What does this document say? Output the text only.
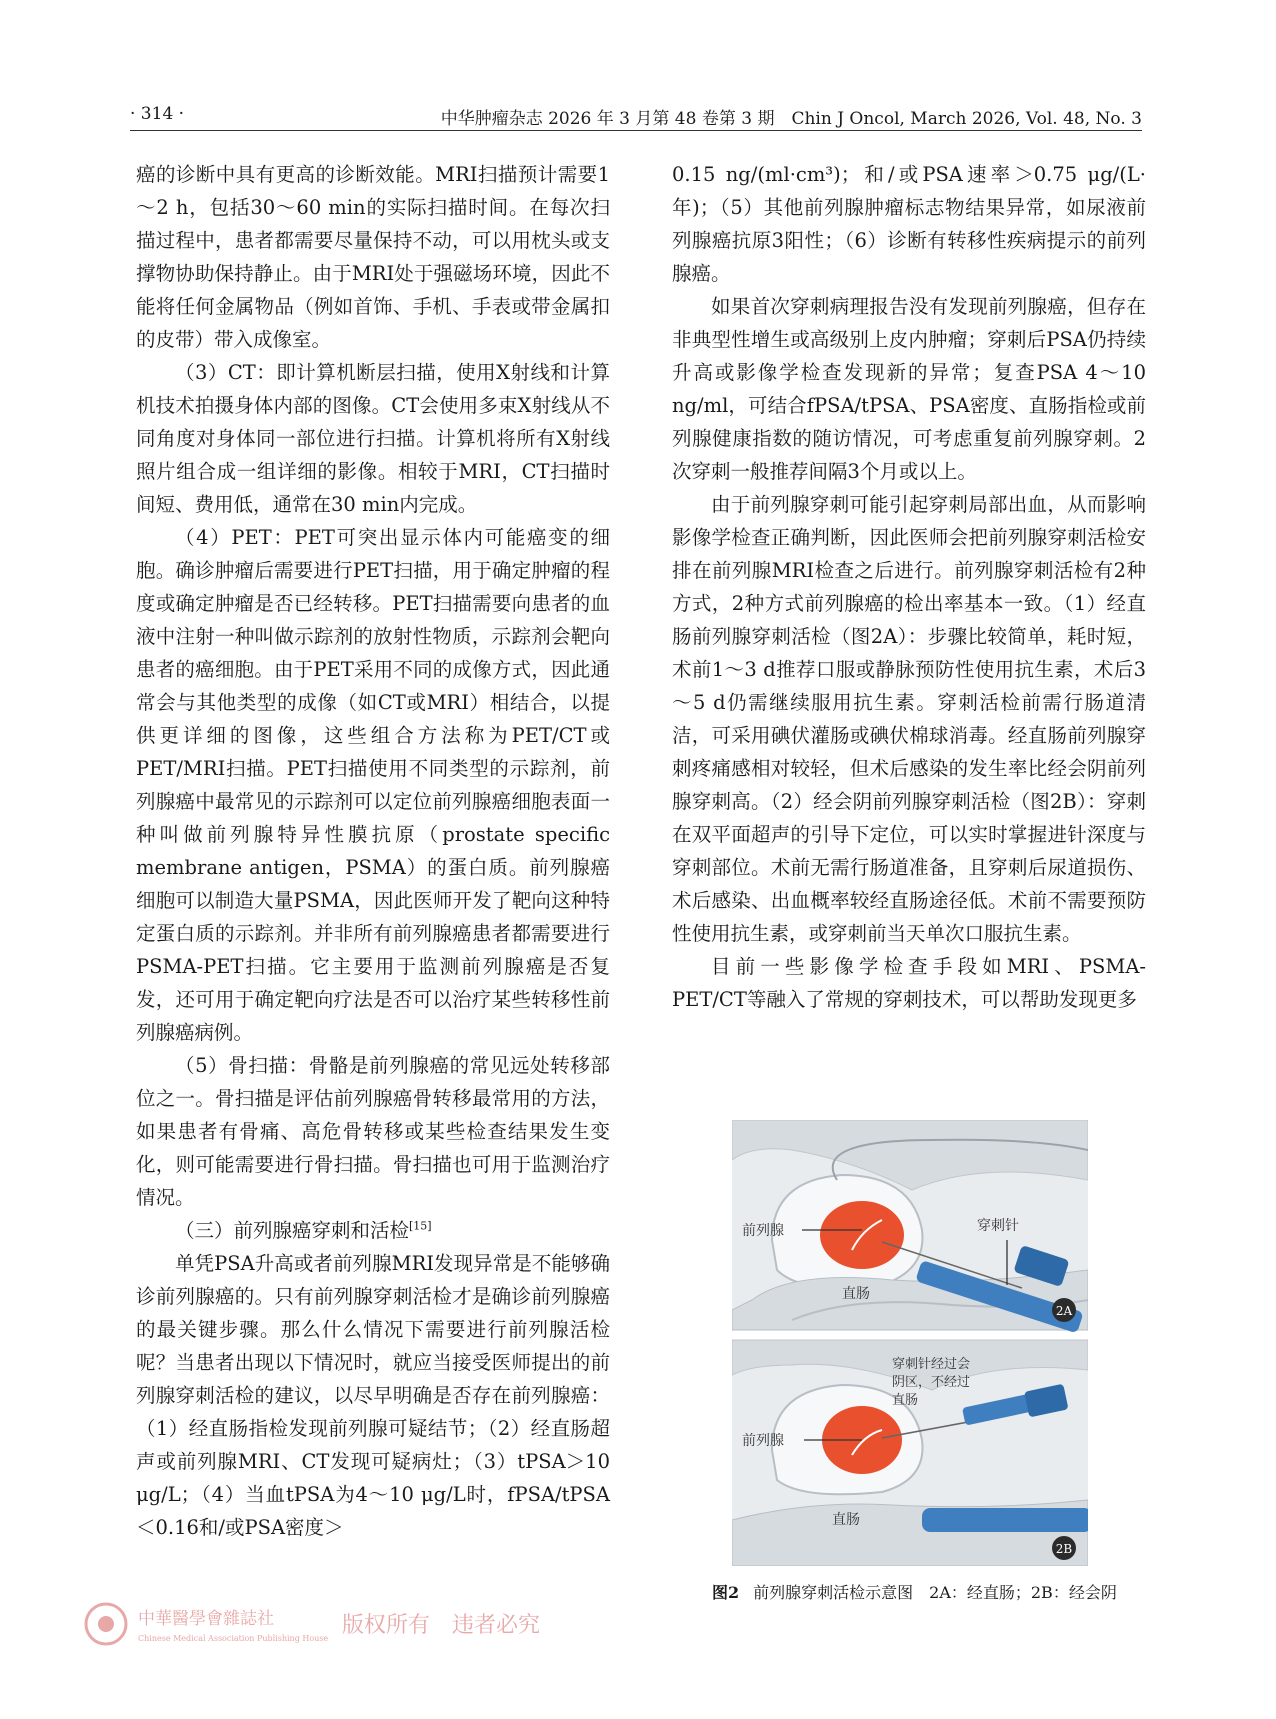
· 314 ·	中华肿瘤杂志 2026 年 3 月第 48 卷第 3 期　Chin J Oncol, March 2026, Vol. 48, No. 3

癌的诊断中具有更高的诊断效能。MRI扫描预计需要1～2 h，包括30～60 min的实际扫描时间。在每次扫描过程中，患者都需要尽量保持不动，可以用枕头或支撑物协助保持静止。由于MRI处于强磁场环境，因此不能将任何金属物品（例如首饰、手机、手表或带金属扣的皮带）带入成像室。

（3）CT：即计算机断层扫描，使用X射线和计算机技术拍摄身体内部的图像。CT会使用多束X射线从不同角度对身体同一部位进行扫描。计算机将所有X射线照片组合成一组详细的影像。相较于MRI，CT扫描时间短、费用低，通常在30 min内完成。

（4）PET：PET可突出显示体内可能癌变的细胞。确诊肿瘤后需要进行PET扫描，用于确定肿瘤的程度或确定肿瘤是否已经转移。PET扫描需要向患者的血液中注射一种叫做示踪剂的放射性物质，示踪剂会靶向患者的癌细胞。由于PET采用不同的成像方式，因此通常会与其他类型的成像（如CT或MRI）相结合，以提供更详细的图像，这些组合方法称为PET/CT或PET/MRI扫描。PET扫描使用不同类型的示踪剂，前列腺癌中最常见的示踪剂可以定位前列腺癌细胞表面一种叫做前列腺特异性膜抗原（prostate specific membrane antigen，PSMA）的蛋白质。前列腺癌细胞可以制造大量PSMA，因此医师开发了靶向这种特定蛋白质的示踪剂。并非所有前列腺癌患者都需要进行PSMA-PET扫描。它主要用于监测前列腺癌是否复发，还可用于确定靶向疗法是否可以治疗某些转移性前列腺癌病例。

（5）骨扫描：骨骼是前列腺癌的常见远处转移部位之一。骨扫描是评估前列腺癌骨转移最常用的方法，如果患者有骨痛、高危骨转移或某些检查结果发生变化，则可能需要进行骨扫描。骨扫描也可用于监测治疗情况。

（三）前列腺癌穿刺和活检[15]

单凭PSA升高或者前列腺MRI发现异常是不能够确诊前列腺癌的。只有前列腺穿刺活检才是确诊前列腺癌的最关键步骤。那么什么情况下需要进行前列腺活检呢？当患者出现以下情况时，就应当接受医师提出的前列腺穿刺活检的建议，以尽早明确是否存在前列腺癌：（1）经直肠指检发现前列腺可疑结节；（2）经直肠超声或前列腺MRI、CT发现可疑病灶；（3）tPSA＞10 μg/L；（4）当血tPSA为4～10 μg/L时，fPSA/tPSA＜0.16和/或PSA密度＞

0.15 ng/(ml·cm³)；和/或PSA速率＞0.75 μg/(L·年)；（5）其他前列腺肿瘤标志物结果异常，如尿液前列腺癌抗原3阳性；（6）诊断有转移性疾病提示的前列腺癌。

如果首次穿刺病理报告没有发现前列腺癌，但存在非典型性增生或高级别上皮内肿瘤；穿刺后PSA仍持续升高或影像学检查发现新的异常；复查PSA 4～10 ng/ml，可结合fPSA/tPSA、PSA密度、直肠指检或前列腺健康指数的随访情况，可考虑重复前列腺穿刺。2次穿刺一般推荐间隔3个月或以上。

由于前列腺穿刺可能引起穿刺局部出血，从而影响影像学检查正确判断，因此医师会把前列腺穿刺活检安排在前列腺MRI检查之后进行。前列腺穿刺活检有2种方式，2种方式前列腺癌的检出率基本一致。（1）经直肠前列腺穿刺活检（图2A）：步骤比较简单，耗时短，术前1～3 d推荐口服或静脉预防性使用抗生素，术后3～5 d仍需继续服用抗生素。穿刺活检前需行肠道清洁，可采用碘伏灌肠或碘伏棉球消毒。经直肠前列腺穿刺疼痛感相对较轻，但术后感染的发生率比经会阴前列腺穿刺高。（2）经会阴前列腺穿刺活检（图2B）：穿刺在双平面超声的引导下定位，可以实时掌握进针深度与穿刺部位。术前无需行肠道准备，且穿刺后尿道损伤、术后感染、出血概率较经直肠途径低。术前不需要预防性使用抗生素，或穿刺前当天单次口服抗生素。

目前一些影像学检查手段如MRI、PSMA-PET/CT等融入了常规的穿刺技术，可以帮助发现更多

前列腺	穿刺针
直肠
2A
穿刺针经过会
阴区，不经过
直肠
前列腺
直肠
2B
图2 前列腺穿刺活检示意图　2A：经直肠；2B：经会阴
中華醫學會雜誌社
Chinese Medical Association Publishing House
版权所有　违者必究
